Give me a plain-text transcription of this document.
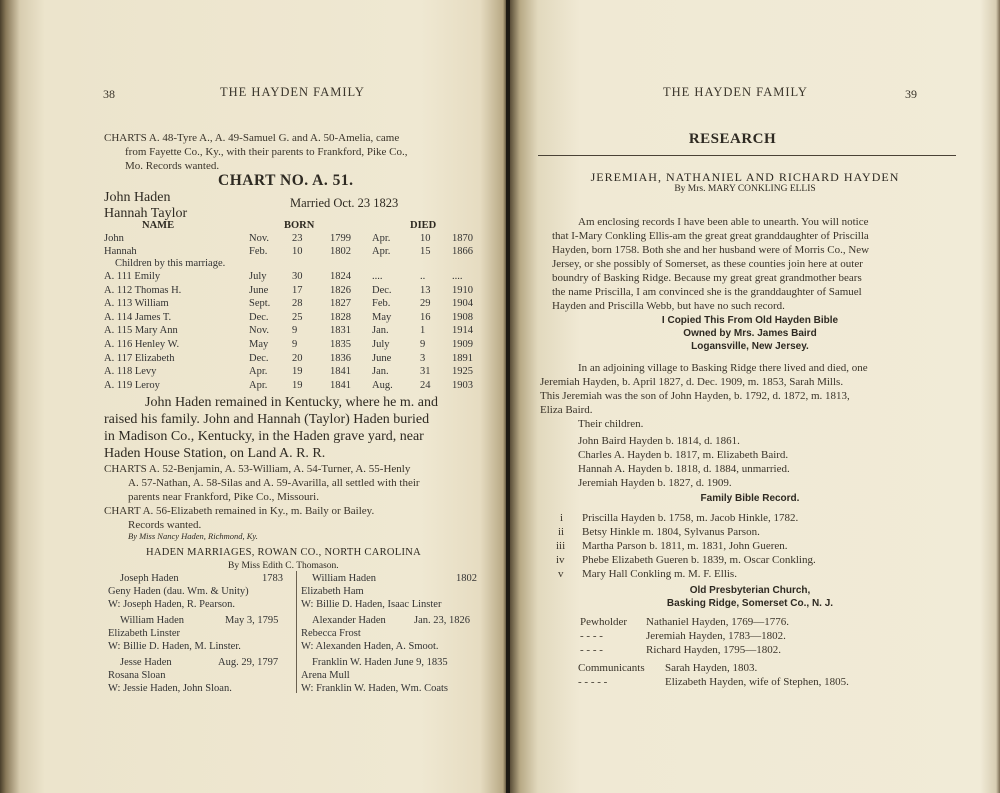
38	THE HAYDEN FAMILY
CHARTS A. 48-Tyre A., A. 49-Samuel G. and A. 50-Amelia, came
from Fayette Co., Ky., with their parents to Frankford, Pike Co.,
Mo. Records wanted.
CHART NO. A. 51.
John Haden
Hannah Taylor
Married Oct. 23 1823
NAME	BORN	DIED
John	Nov. 23	1799 Apr.	10 1870
Hannah	Feb. 10	1802 Apr.	15 1866
Children by this marriage.
A. 111 Emily	July 30	1824 ....	..	....
A. 112 Thomas H.	June 17	1826 Dec.	13 1910
A. 113 William	Sept. 28	1827 Feb.	29 1904
A. 114 James T.	Dec. 25	1828 May	16 1908
A. 115 Mary Ann	Nov. 9	1831 Jan.	1	1914
A. 116 Henley W.	May 9	1835 July	9	1909
A. 117 Elizabeth	Dec. 20	1836 June	3	1891
A. 118 Levy	Apr. 19	1841 Jan.	31 1925
A. 119 Leroy	Apr. 19	1841 Aug.	24 1903
John Haden remained in Kentucky, where he m. and
raised his family. John and Hannah (Taylor) Haden buried
in Madison Co., Kentucky, in the Haden grave yard, near
Haden House Station, on Land A. R. R.
CHARTS A. 52-Benjamin, A. 53-William, A. 54-Turner, A. 55-Henly
A. 57-Nathan, A. 58-Silas and A. 59-Avarilla, all settled with their
parents near Frankford, Pike Co., Missouri.
CHART A. 56-Elizabeth remained in Ky., m. Baily or Bailey.
Records wanted.
By Miss Nancy Haden, Richmond, Ky.
HADEN MARRIAGES, ROWAN CO., NORTH CAROLINA
By Miss Edith C. Thomason.
Joseph Haden	1783
Geny Haden (dau. Wm. & Unity)
W: Joseph Haden, R. Pearson.
William Haden	May 3, 1795
Elizabeth Linster
W: Billie D. Haden, M. Linster.
Jesse Haden	Aug. 29, 1797
Rosana Sloan
W: Jessie Haden, John Sloan.
William Haden	1802
Elizabeth Ham
W: Billie D. Haden, Isaac Linster
Alexander Haden	Jan. 23, 1826
Rebecca Frost
W: Alexanden Haden, A. Smoot.
Franklin W. Haden June 9, 1835
Arena Mull
W: Franklin W. Haden, Wm. Coats
THE HAYDEN FAMILY	39
RESEARCH
JEREMIAH, NATHANIEL AND RICHARD HAYDEN
By Mrs. MARY CONKLING ELLIS
Am enclosing records I have been able to unearth. You will notice
that I-Mary Conkling Ellis-am the great great granddaughter of Priscilla
Hayden, born 1758. Both she and her husband were of Morris Co., New
Jersey, or she possibly of Somerset, as these counties join here at outer
boundry of Basking Ridge. Because my great great grandmother bears
the name Priscilla, I am convinced she is the granddaughter of Samuel
Hayden and Priscilla Webb, but have no such record.
I Copied This From Old Hayden Bible
Owned by Mrs. James Baird
Logansville, New Jersey.
In an adjoining village to Basking Ridge there lived and died, one
Jeremiah Hayden, b. April 1827, d. Dec. 1909, m. 1853, Sarah Mills.
This Jeremiah was the son of John Hayden, b. 1792, d. 1872, m. 1813,
Eliza Baird.
Their children.
John Baird Hayden b. 1814, d. 1861.
Charles A. Hayden b. 1817, m. Elizabeth Baird.
Hannah A. Hayden b. 1818, d. 1884, unmarried.
Jeremiah Hayden b. 1827, d. 1909.
Family Bible Record.
i Priscilla Hayden b. 1758, m. Jacob Hinkle, 1782.
ii Betsy Hinkle m. 1804, Sylvanus Parson.
iii Martha Parson b. 1811, m. 1831, John Gueren.
iv Phebe Elizabeth Gueren b. 1839, m. Oscar Conkling.
v Mary Hall Conkling m. M. F. Ellis.
Old Presbyterian Church,
Basking Ridge, Somerset Co., N. J.
Pewholder Nathaniel Hayden, 1769—1776.
- - - -	Jeremiah Hayden, 1783—1802.
- - - -	Richard Hayden, 1795—1802.
Communicants Sarah Hayden, 1803.
- - - - -	Elizabeth Hayden, wife of Stephen, 1805.
